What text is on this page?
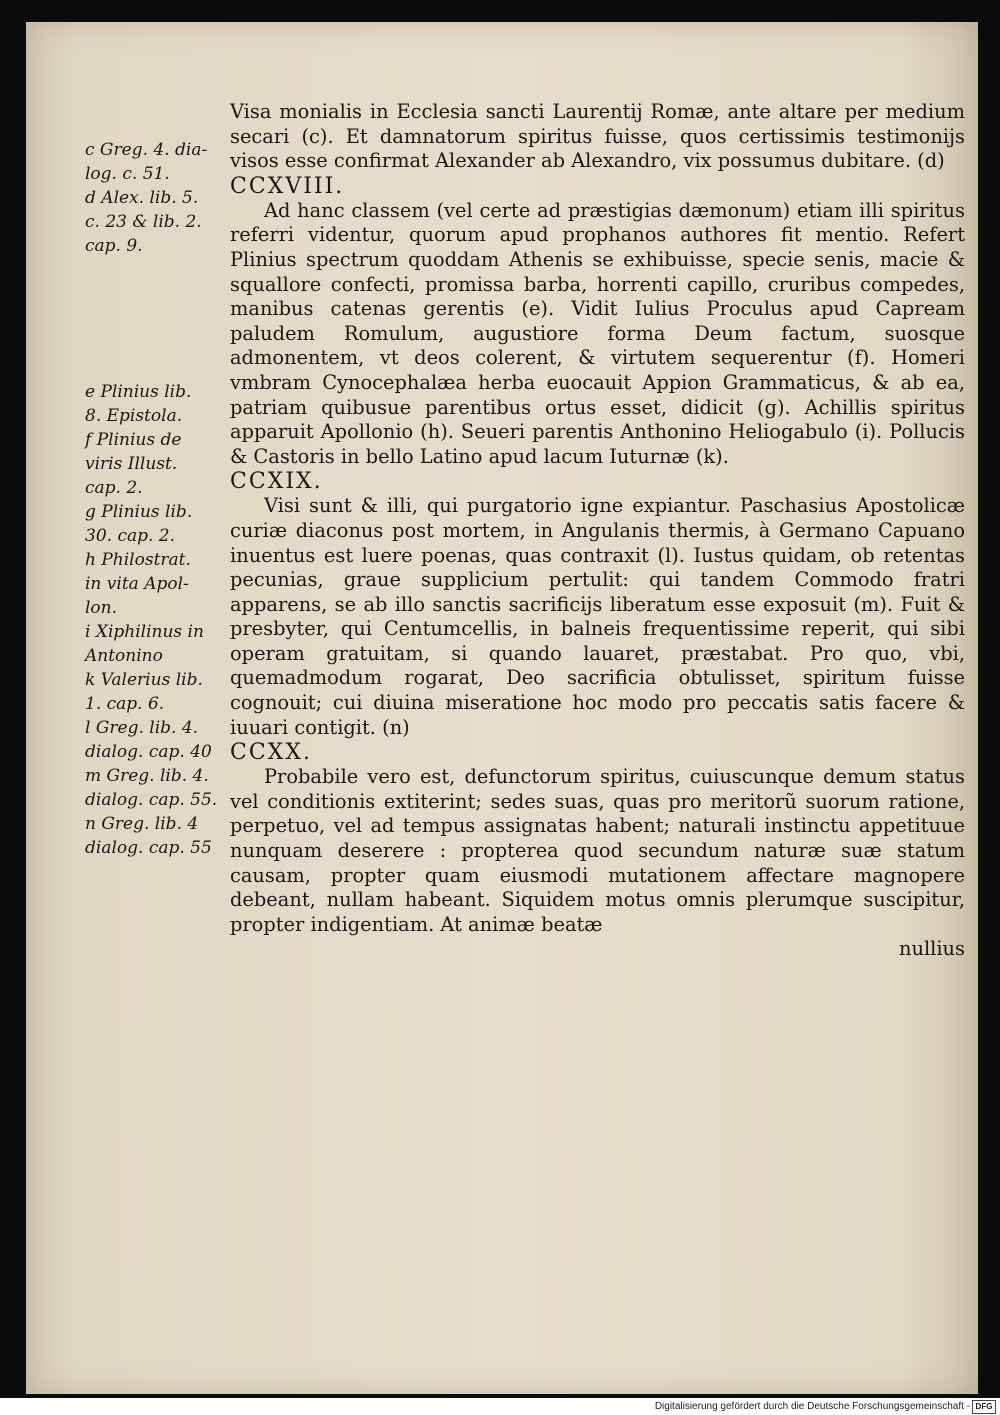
Visa monialis in Ecclesia sancti Laurentij Romæ, ante altare per medium secari (c). Et damnatorum spiritus fuisse, quos certissimis testimonijs visos esse confirmat Alexander ab Alexandro, vix possumus dubitare. (d)

CCXVIII.

Ad hanc classem (vel certe ad præstigias dæmonum) etiam illi spiritus referri videntur, quorum apud prophanos authores fit mentio. Refert Plinius spectrum quoddam Athenis se exhibuisse, specie senis, macie & squallore confecti, promissa barba, horrenti capillo, cruribus compedes, manibus catenas gerentis (e). Vidit Iulius Proculus apud Capream paludem Romulum, augustiore forma Deum factum, suosque admonentem, vt deos colerent, & virtutem sequerentur (f). Homeri vmbram Cynocephalæa herba euocauit Appion Grammaticus, & ab ea, patriam quibusue parentibus ortus esset, didicit (g). Achillis spiritus apparuit Apollonio (h). Seueri parentis Anthonino Heliogabulo (i). Pollucis & Castoris in bello Latino apud lacum Iuturnæ (k).

CCXIX.

Visi sunt & illi, qui purgatorio igne expiantur. Paschasius Apostolicæ curiæ diaconus post mortem, in Angulanis thermis, à Germano Capuano inuentus est luere poenas, quas contraxit (l). Iustus quidam, ob retentas pecunias, graue supplicium pertulit: qui tandem Commodo fratri apparens, se ab illo sanctis sacrificijs liberatum esse exposuit (m). Fuit & presbyter, qui Centumcellis, in balneis frequentissime reperit, qui sibi operam gratuitam, si quando lauaret, præstabat. Pro quo, vbi, quemadmodum rogarat, Deo sacrificia obtulisset, spiritum fuisse cognouit; cui diuina miseratione hoc modo pro peccatis satis facere & iuuari contigit. (n)

CCXX.

Probabile vero est, defunctorum spiritus, cuiuscunque demum status vel conditionis extiterint; sedes suas, quas pro meritorũ suorum ratione, perpetuo, vel ad tempus assignatas habent; naturali instinctu appetituue nunquam deserere : propterea quod secundum naturæ suæ statum causam, propter quam eiusmodi mutationem affectare magnopere debeant, nullam habeant. Siquidem motus omnis plerumque suscipitur, propter indigentiam. At animæ beatæ

nullius

c Greg. 4. dia-
log. c. 51.
d Alex. lib. 5.
c. 23 & lib. 2.
cap. 9.
e Plinius lib.
8. Epistola.
f Plinius de
viris Illust.
cap. 2.
g Plinius lib.
30. cap. 2.
h Philostrat.
in vita Apol-
lon.
i Xiphilinus in
Antonino
k Valerius lib.
1. cap. 6.
l Greg. lib. 4.
dialog. cap. 40
m Greg. lib. 4.
dialog. cap. 55.
n Greg. lib. 4
dialog. cap. 55
Digitalisierung gefördert durch die Deutsche Forschungsgemeinschaft - DFG
